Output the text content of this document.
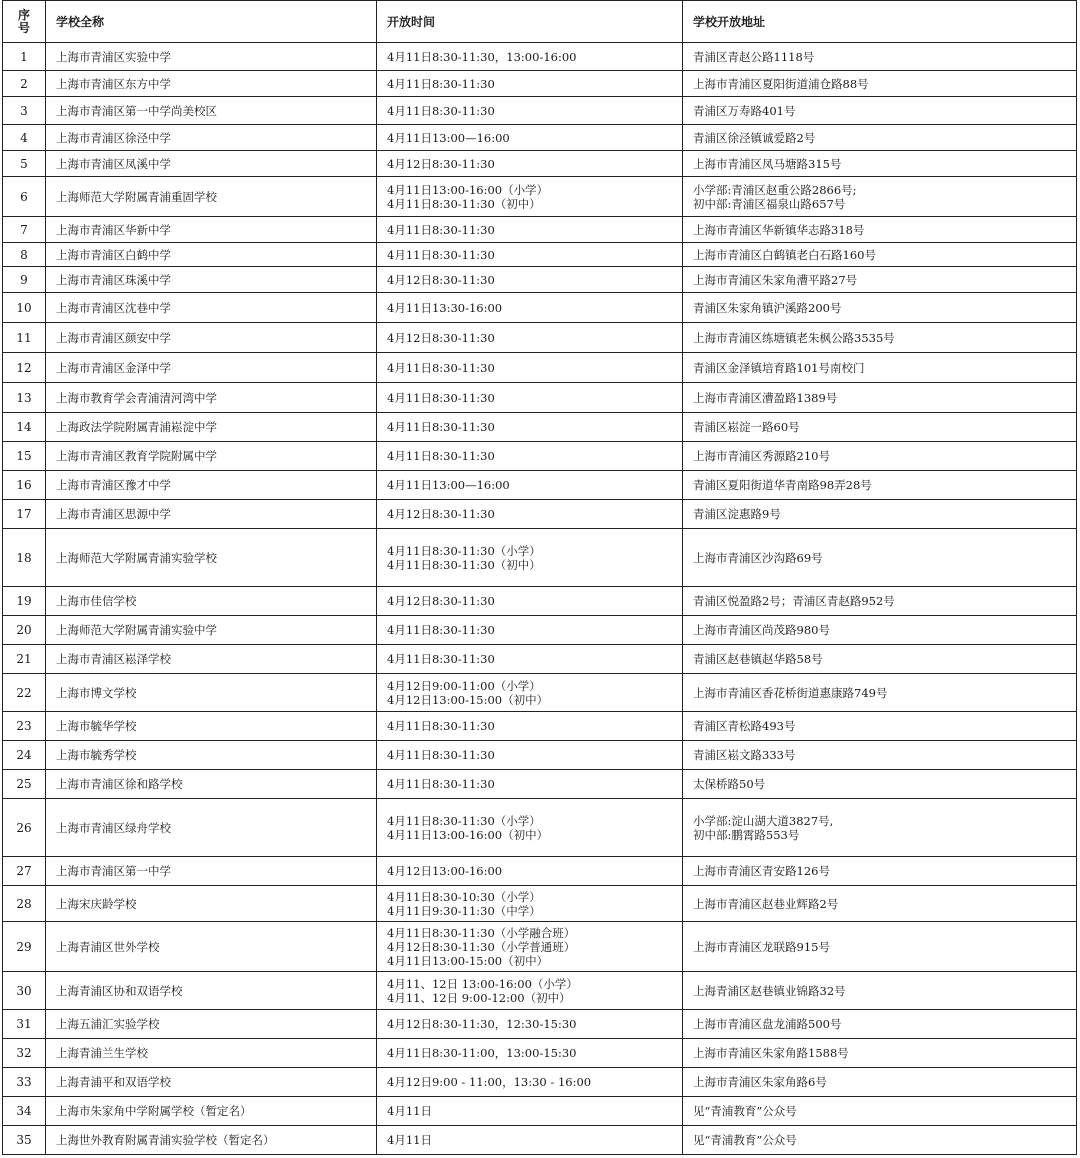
序
号	学校全称	开放时间	学校开放地址
1	上海市青浦区实验中学	4月11日8:30-11:30，13:00-16:00	青浦区青赵公路1118号

2	上海市青浦区东方中学	4月11日8:30-11:30	上海市青浦区夏阳街道浦仓路88号

3	上海市青浦区第一中学尚美校区	4月11日8:30-11:30	青浦区万寿路401号

4	上海市青浦区徐泾中学	4月11日13:00—16:00	青浦区徐泾镇诚爱路2号

5	上海市青浦区凤溪中学	4月12日8:30-11:30	上海市青浦区凤马塘路315号

6	上海师范大学附属青浦重固学校	4月11日13:00-16:00（小学）
4月11日8:30-11:30（初中）	小学部:青浦区赵重公路2866号;
初中部:青浦区福泉山路657号

7	上海市青浦区华新中学	4月11日8:30-11:30	上海市青浦区华新镇华志路318号

8	上海市青浦区白鹤中学	4月11日8:30-11:30	上海市青浦区白鹤镇老白石路160号

9	上海市青浦区珠溪中学	4月12日8:30-11:30	上海市青浦区朱家角漕平路27号

10	上海市青浦区沈巷中学	4月11日13:30-16:00	青浦区朱家角镇沪溪路200号

11	上海市青浦区颜安中学	4月12日8:30-11:30	上海市青浦区练塘镇老朱枫公路3535号

12	上海市青浦区金泽中学	4月11日8:30-11:30	青浦区金泽镇培育路101号南校门

13	上海市教育学会青浦清河湾中学	4月11日8:30-11:30	上海市青浦区漕盈路1389号

14	上海政法学院附属青浦崧淀中学	4月11日8:30-11:30	青浦区崧淀一路60号

15	上海市青浦区教育学院附属中学	4月11日8:30-11:30	上海市青浦区秀源路210号

16	上海市青浦区豫才中学	4月11日13:00—16:00	青浦区夏阳街道华青南路98弄28号

17	上海市青浦区思源中学	4月12日8:30-11:30	青浦区淀惠路9号

18	上海师范大学附属青浦实验学校	4月11日8:30-11:30（小学）
4月11日8:30-11:30（初中）	上海市青浦区沙沟路69号

19	上海市佳信学校	4月12日8:30-11:30	青浦区悦盈路2号；青浦区青赵路952号

20	上海师范大学附属青浦实验中学	4月11日8:30-11:30	上海市青浦区尚茂路980号

21	上海市青浦区崧泽学校	4月11日8:30-11:30	青浦区赵巷镇赵华路58号

22	上海市博文学校	4月12日9:00-11:00（小学）
4月12日13:00-15:00（初中）	上海市青浦区香花桥街道惠康路749号

23	上海市毓华学校	4月11日8:30-11:30	青浦区青松路493号

24	上海市毓秀学校	4月11日8:30-11:30	青浦区崧文路333号

25	上海市青浦区徐和路学校	4月11日8:30-11:30	太保桥路50号

26	上海市青浦区绿舟学校	4月11日8:30-11:30（小学）
4月11日13:00-16:00（初中）	小学部:淀山湖大道3827号,
初中部:鹏霄路553号

27	上海市青浦区第一中学	4月12日13:00-16:00	上海市青浦区青安路126号

28	上海宋庆龄学校	4月11日8:30-10:30（小学）
4月11日9:30-11:30（中学）	上海市青浦区赵巷业辉路2号

29	上海青浦区世外学校	4月11日8:30-11:30（小学融合班）
4月12日8:30-11:30（小学普通班）
4月11日13:00-15:00（初中）	上海市青浦区龙联路915号

30	上海青浦区协和双语学校	4月11、12日 13:00-16:00（小学）
4月11、12日 9:00-12:00（初中）	上海青浦区赵巷镇业锦路32号

31	上海五浦汇实验学校	4月12日8:30-11:30，12:30-15:30	上海市青浦区盘龙浦路500号

32	上海青浦兰生学校	4月11日8:30-11:00，13:00-15:30	上海市青浦区朱家角路1588号

33	上海青浦平和双语学校	4月12日9:00 - 11:00，13:30 - 16:00	上海市青浦区朱家角路6号

34	上海市朱家角中学附属学校（暂定名）	4月11日	见“青浦教育”公众号

35	上海世外教育附属青浦实验学校（暂定名）	4月11日	见“青浦教育”公众号
